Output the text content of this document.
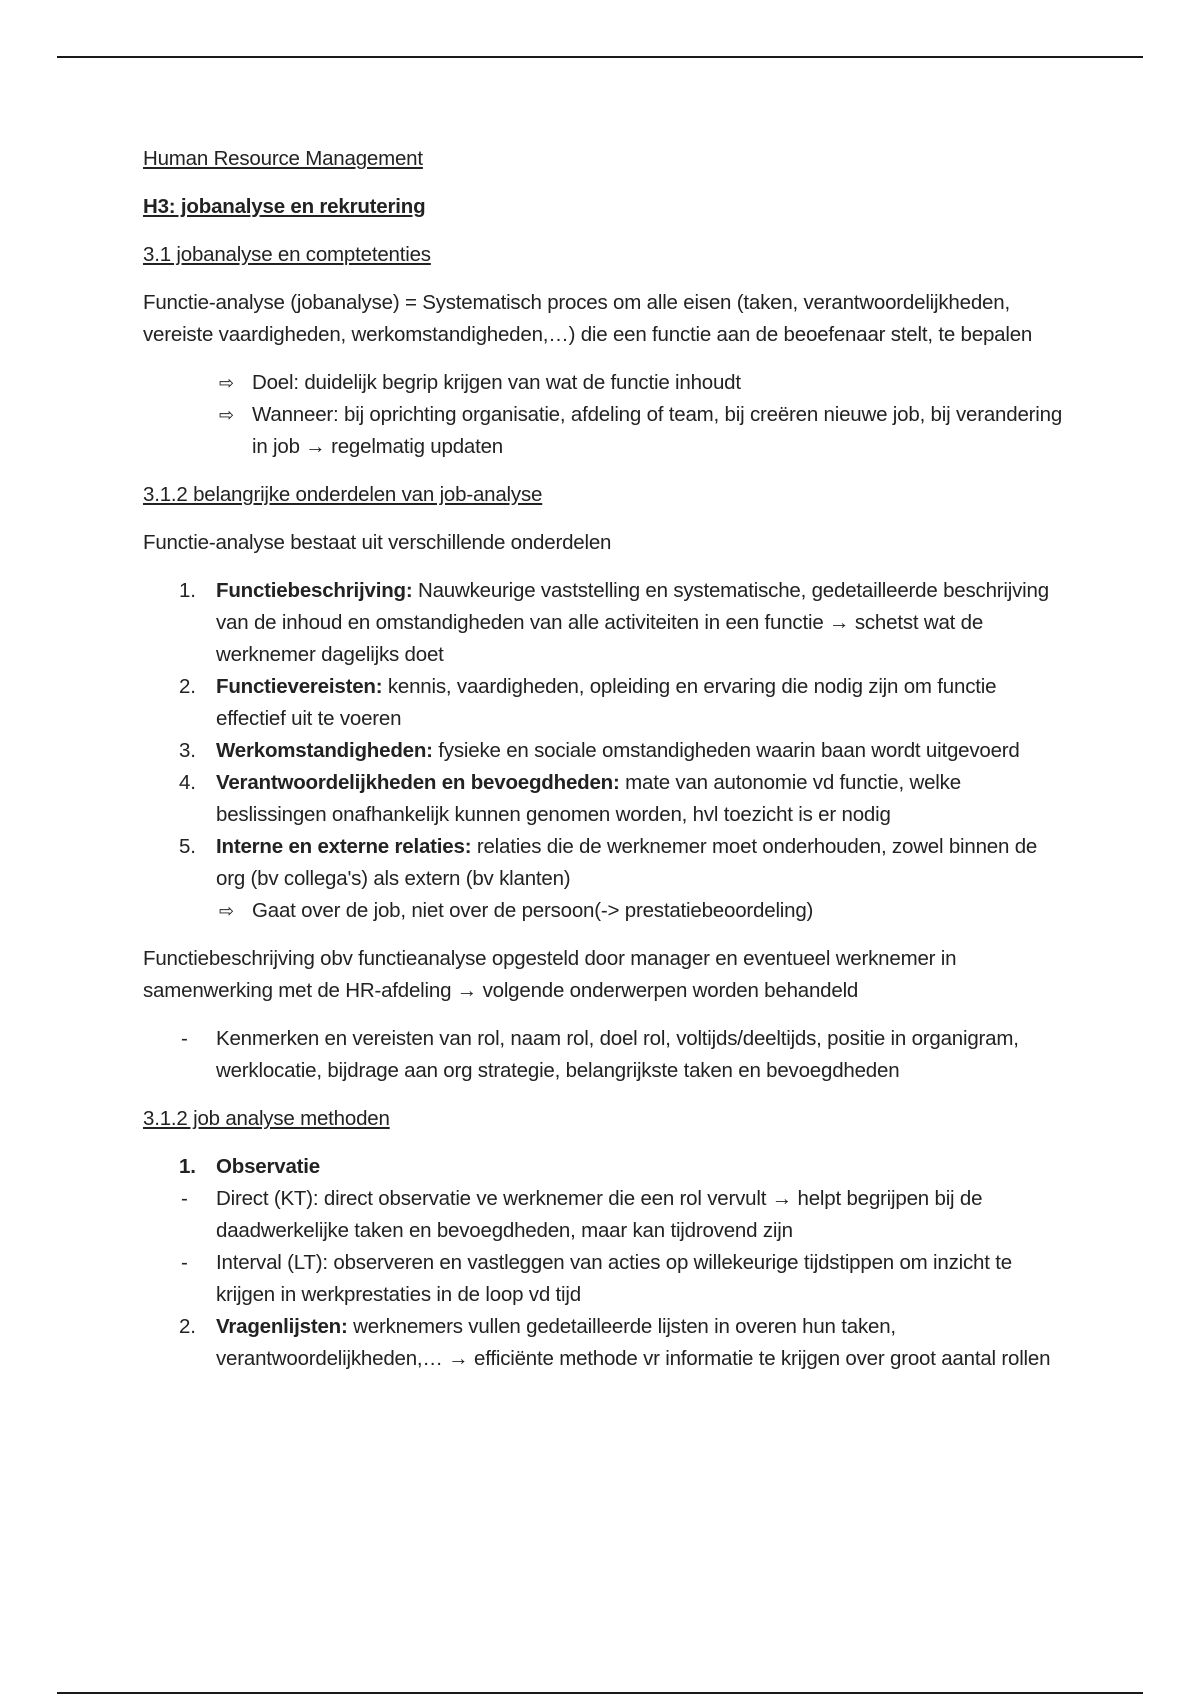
Human Resource Management

H3: jobanalyse en rekrutering

3.1 jobanalyse en comptetenties

Functie-analyse (jobanalyse) = Systematisch proces om alle eisen (taken, verantwoordelijkheden, vereiste vaardigheden, werkomstandigheden,…) die een functie aan de beoefenaar stelt, te bepalen

⇨ Doel: duidelijk begrip krijgen van wat de functie inhoudt
⇨ Wanneer: bij oprichting organisatie, afdeling of team, bij creëren nieuwe job, bij verandering in job → regelmatig updaten

3.1.2 belangrijke onderdelen van job-analyse

Functie-analyse bestaat uit verschillende onderdelen

1. Functiebeschrijving: Nauwkeurige vaststelling en systematische, gedetailleerde beschrijving van de inhoud en omstandigheden van alle activiteiten in een functie → schetst wat de werknemer dagelijks doet
2. Functievereisten: kennis, vaardigheden, opleiding en ervaring die nodig zijn om functie effectief uit te voeren
3. Werkomstandigheden: fysieke en sociale omstandigheden waarin baan wordt uitgevoerd
4. Verantwoordelijkheden en bevoegdheden: mate van autonomie vd functie, welke beslissingen onafhankelijk kunnen genomen worden, hvl toezicht is er nodig
5. Interne en externe relaties: relaties die de werknemer moet onderhouden, zowel binnen de org (bv collega's) als extern (bv klanten)
⇨ Gaat over de job, niet over de persoon(-> prestatiebeoordeling)

Functiebeschrijving obv functieanalyse opgesteld door manager en eventueel werknemer in samenwerking met de HR-afdeling → volgende onderwerpen worden behandeld

- Kenmerken en vereisten van rol, naam rol, doel rol, voltijds/deeltijds, positie in organigram, werklocatie, bijdrage aan org strategie, belangrijkste taken en bevoegdheden

3.1.2 job analyse methoden

1. Observatie
- Direct (KT): direct observatie ve werknemer die een rol vervult → helpt begrijpen bij de daadwerkelijke taken en bevoegdheden, maar kan tijdrovend zijn
- Interval (LT): observeren en vastleggen van acties op willekeurige tijdstippen om inzicht te krijgen in werkprestaties in de loop vd tijd
2. Vragenlijsten: werknemers vullen gedetailleerde lijsten in overen hun taken, verantwoordelijkheden,… → efficiënte methode vr informatie te krijgen over groot aantal rollen
